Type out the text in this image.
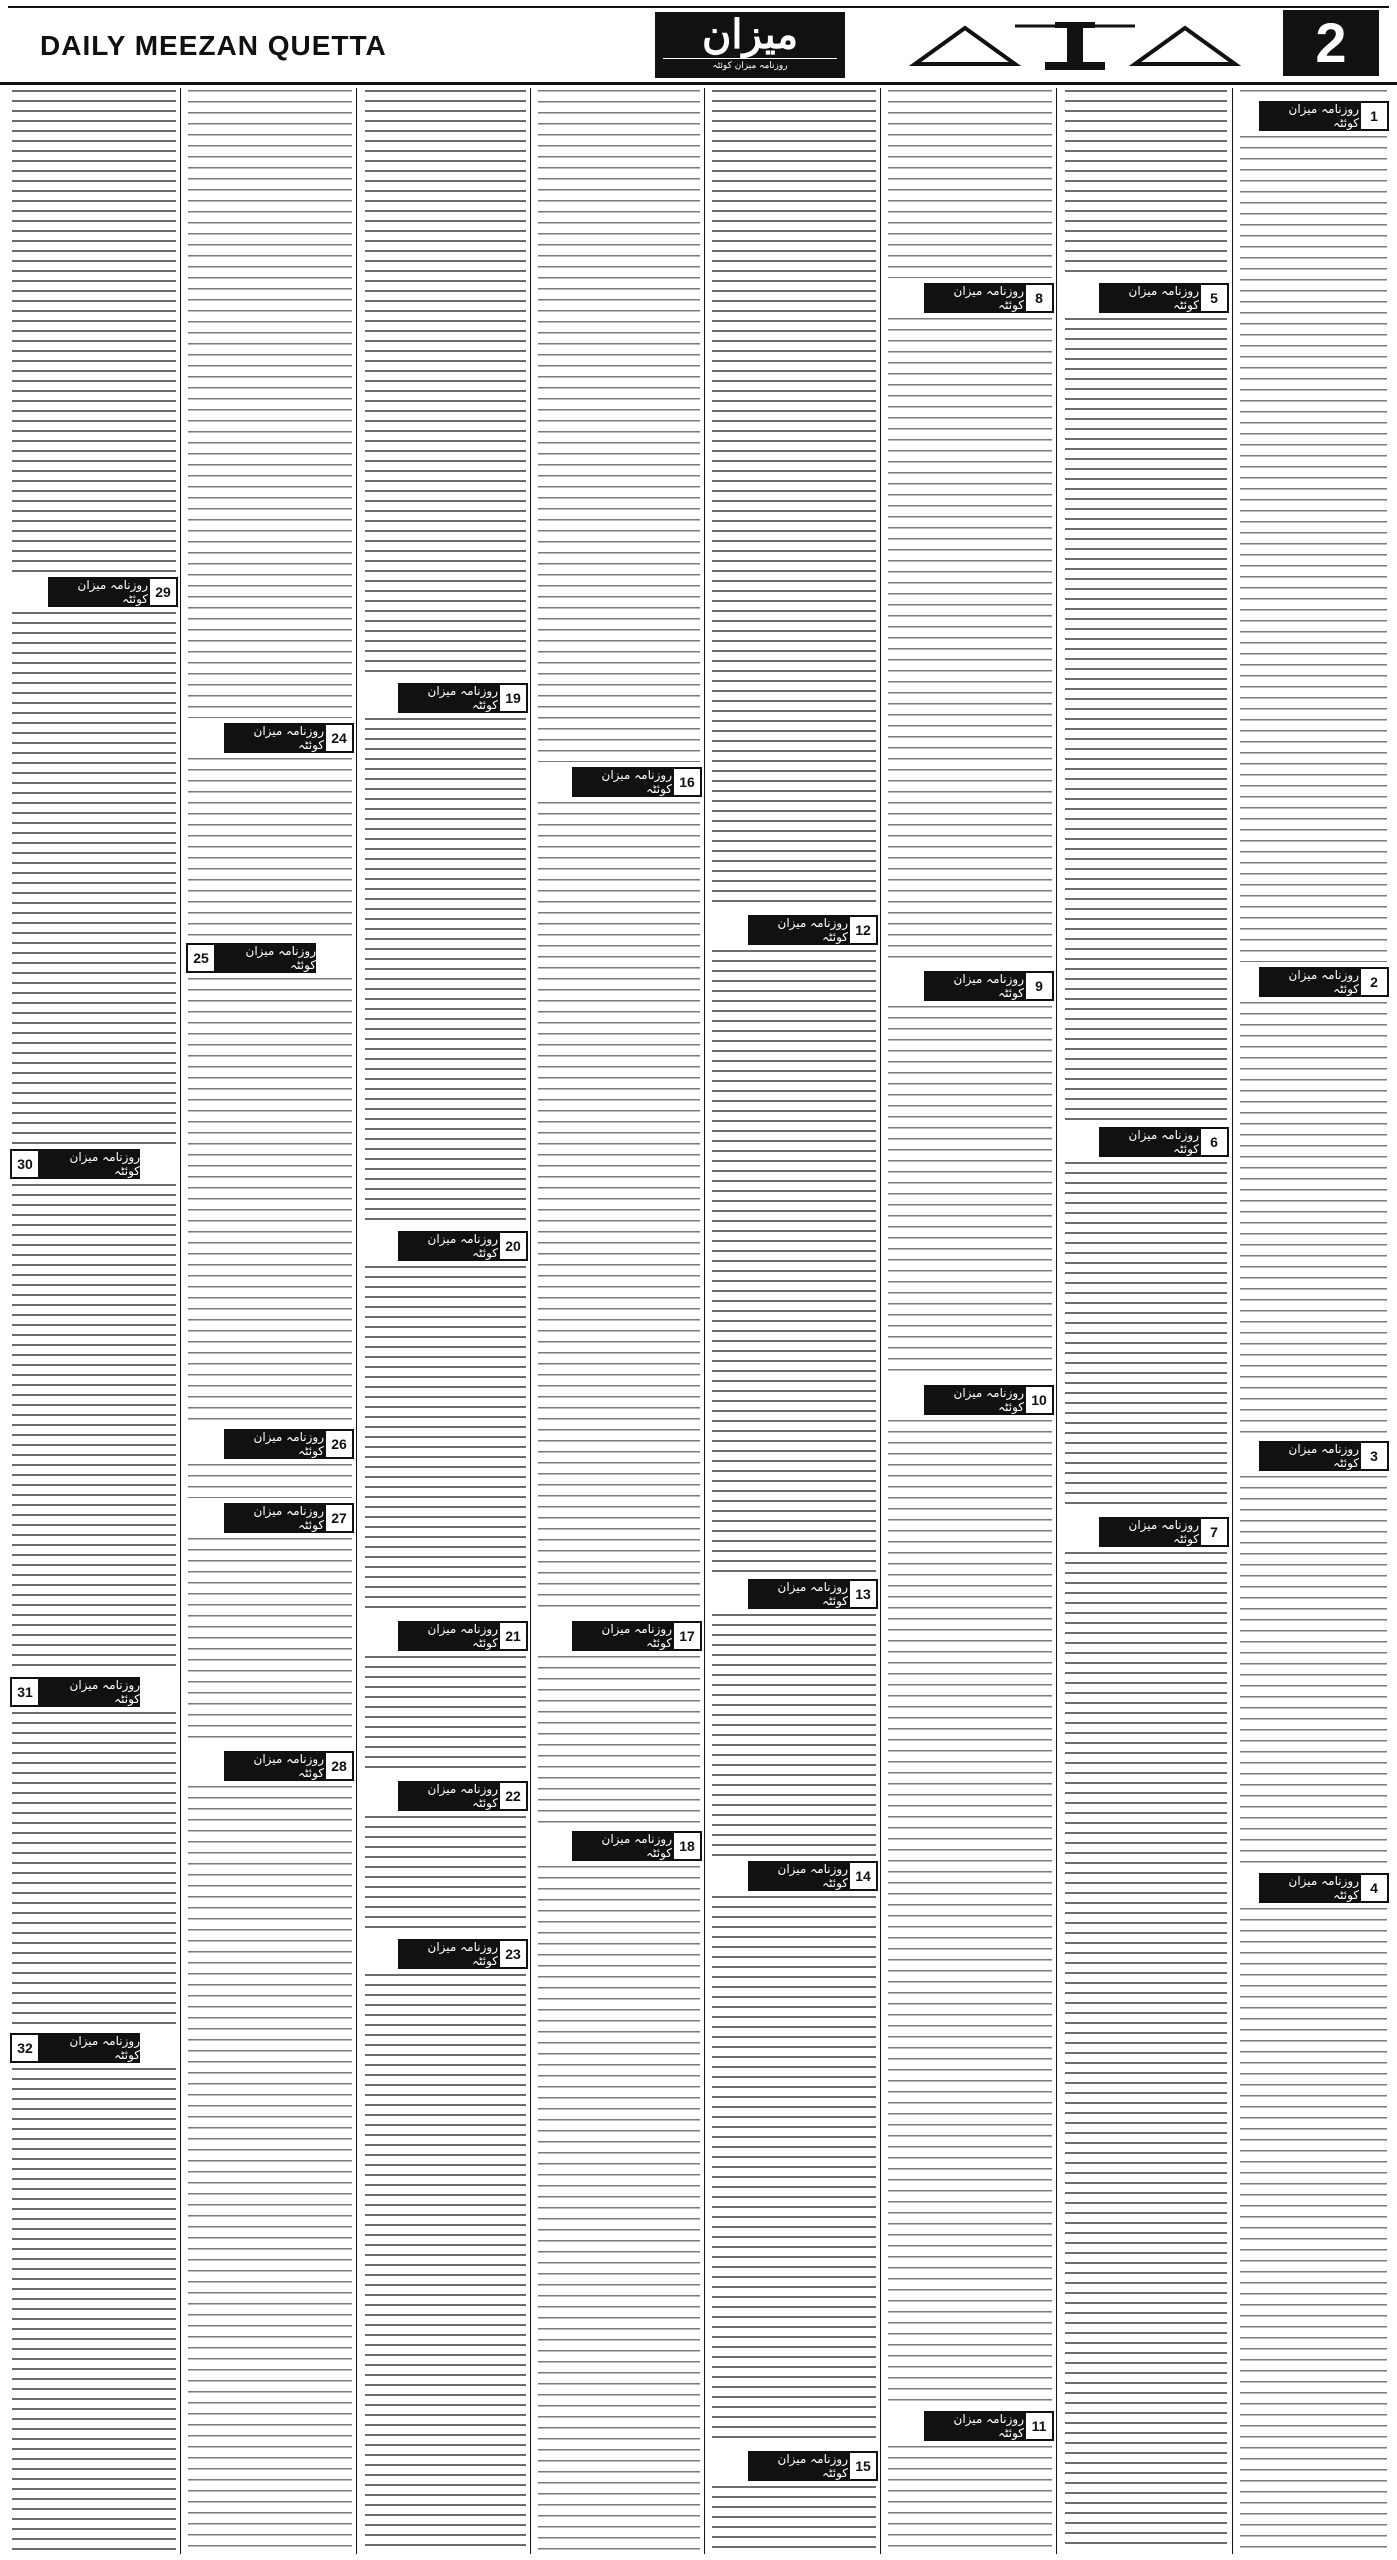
DAILY MEEZAN QUETTA	میزان
روزنامہ میزان کوئٹہ	2
1
روزنامہ میزان کوئٹہ
2
روزنامہ میزان کوئٹہ
3
روزنامہ میزان کوئٹہ
4
روزنامہ میزان کوئٹہ
5
روزنامہ میزان کوئٹہ
6
روزنامہ میزان کوئٹہ
7
روزنامہ میزان کوئٹہ
8
روزنامہ میزان کوئٹہ
9
روزنامہ میزان کوئٹہ
10
روزنامہ میزان کوئٹہ
11
روزنامہ میزان کوئٹہ
12
روزنامہ میزان کوئٹہ
13
روزنامہ میزان کوئٹہ
14
روزنامہ میزان کوئٹہ
15
روزنامہ میزان کوئٹہ
16
روزنامہ میزان کوئٹہ
17
روزنامہ میزان کوئٹہ
18
روزنامہ میزان کوئٹہ
19
روزنامہ میزان کوئٹہ
20
روزنامہ میزان کوئٹہ
21
روزنامہ میزان کوئٹہ
22
روزنامہ میزان کوئٹہ
23
روزنامہ میزان کوئٹہ
24
روزنامہ میزان کوئٹہ
25	روزنامہ میزان کوئٹہ
26
روزنامہ میزان کوئٹہ
27
روزنامہ میزان کوئٹہ
28
روزنامہ میزان کوئٹہ
29
روزنامہ میزان کوئٹہ
30	روزنامہ میزان کوئٹہ
31	روزنامہ میزان کوئٹہ
32	روزنامہ میزان کوئٹہ
